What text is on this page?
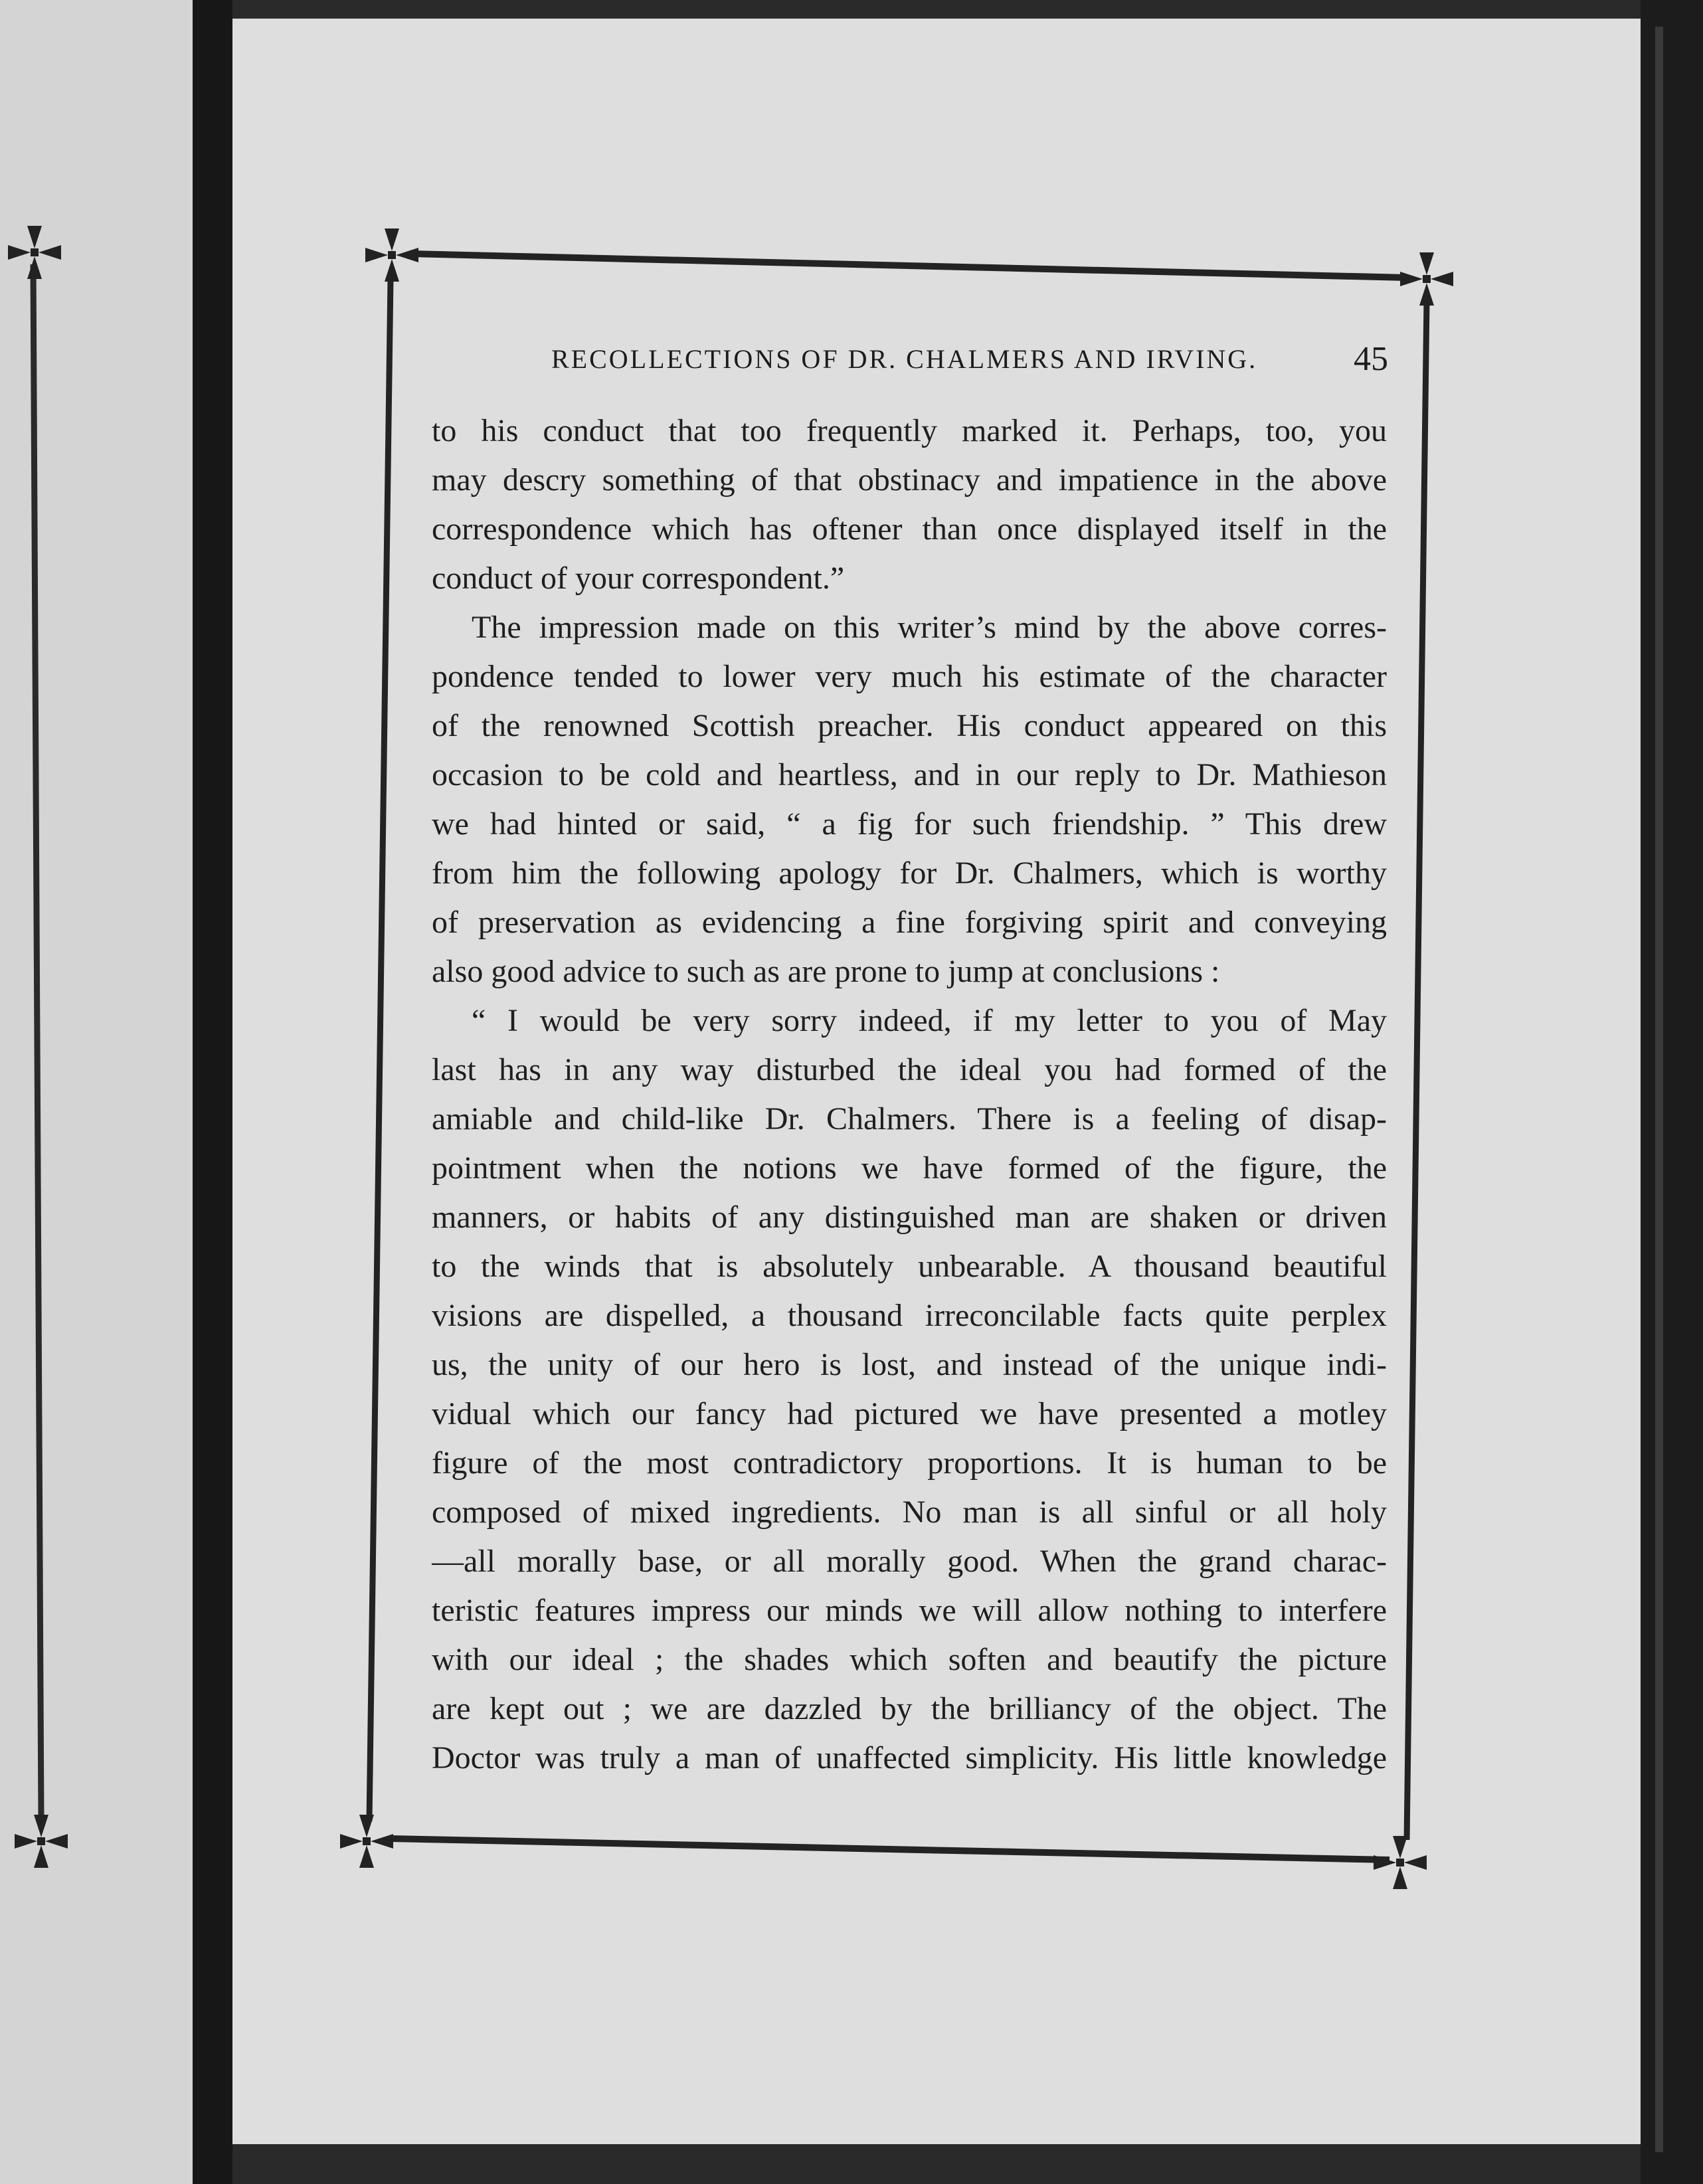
RECOLLECTIONS OF DR. CHALMERS AND IRVING.	45
to his conduct that too frequently marked it. Perhaps, too, you
may descry something of that obstinacy and impatience in the above
correspondence which has oftener than once displayed itself in the
conduct of your correspondent.”
The impression made on this writer’s mind by the above corres-
pondence tended to lower very much his estimate of the character
of the renowned Scottish preacher. His conduct appeared on this
occasion to be cold and heartless, and in our reply to Dr. Mathieson
we had hinted or said, “ a fig for such friendship. ” This drew
from him the following apology for Dr. Chalmers, which is worthy
of preservation as evidencing a fine forgiving spirit and conveying
also good advice to such as are prone to jump at conclusions :
“ I would be very sorry indeed, if my letter to you of May
last has in any way disturbed the ideal you had formed of the
amiable and child-like Dr. Chalmers. There is a feeling of disap-
pointment when the notions we have formed of the figure, the
manners, or habits of any distinguished man are shaken or driven
to the winds that is absolutely unbearable. A thousand beautiful
visions are dispelled, a thousand irreconcilable facts quite perplex
us, the unity of our hero is lost, and instead of the unique indi-
vidual which our fancy had pictured we have presented a motley
figure of the most contradictory proportions. It is human to be
composed of mixed ingredients. No man is all sinful or all holy
—all morally base, or all morally good. When the grand charac-
teristic features impress our minds we will allow nothing to interfere
with our ideal ; the shades which soften and beautify the picture
are kept out ; we are dazzled by the brilliancy of the object. The
Doctor was truly a man of unaffected simplicity. His little knowledge
